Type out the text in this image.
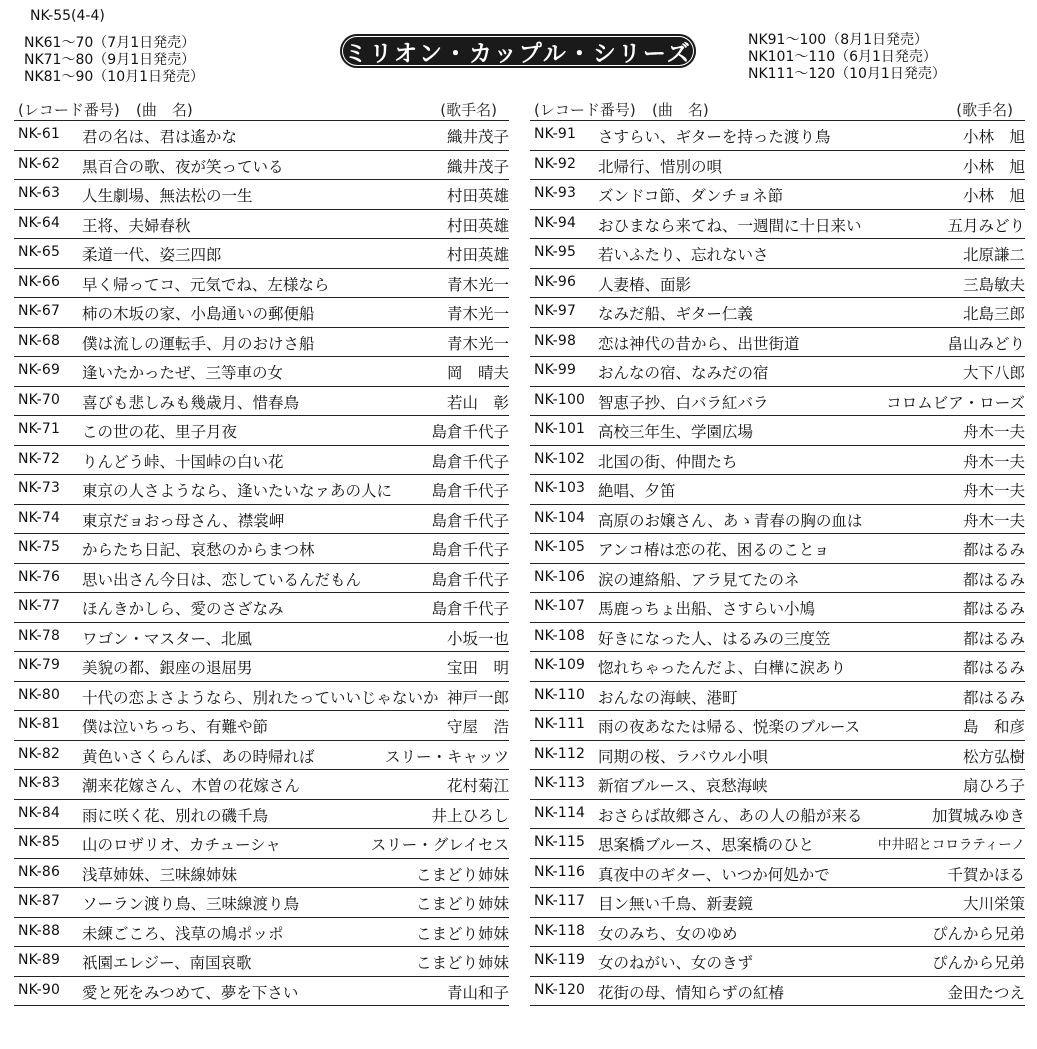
NK-55(4-4)
NK61～70（7月1日発売）
NK71～80（9月1日発売）
NK81～90（10月1日発売）
ミリオン・カップル・シリーズ
NK91～100（8月1日発売）
NK101～110（6月1日発売）
NK111～120（10月1日発売）
(レコード番号) (曲　名)	(歌手名)
NK-61 君の名は、君は遙かな	織井茂子
NK-62 黒百合の歌、夜が笑っている	織井茂子
NK-63 人生劇場、無法松の一生	村田英雄
NK-64 王将、夫婦春秋	村田英雄
NK-65 柔道一代、姿三四郎	村田英雄
NK-66 早く帰ってコ、元気でね、左様なら	青木光一
NK-67 柿の木坂の家、小島通いの郵便船	青木光一
NK-68 僕は流しの運転手、月のおけさ船	青木光一
NK-69 逢いたかったぜ、三等車の女	岡　晴夫
NK-70 喜びも悲しみも幾歳月、惜春鳥	若山　彰
NK-71 この世の花、里子月夜	島倉千代子
NK-72 りんどう峠、十国峠の白い花	島倉千代子
NK-73 東京の人さようなら、逢いたいなァあの人に	島倉千代子
NK-74 東京だョおっ母さん、襟裳岬	島倉千代子
NK-75 からたち日記、哀愁のからまつ林	島倉千代子
NK-76 思い出さん今日は、恋しているんだもん	島倉千代子
NK-77 ほんきかしら、愛のさざなみ	島倉千代子
NK-78 ワゴン・マスター、北風	小坂一也
NK-79 美貌の都、銀座の退屈男	宝田　明
NK-80 十代の恋よさようなら、別れたっていいじゃないか 神戸一郎
NK-81 僕は泣いちっち、有難や節	守屋　浩
NK-82 黄色いさくらんぼ、あの時帰れば	スリー・キャッツ
NK-83 潮来花嫁さん、木曽の花嫁さん	花村菊江
NK-84 雨に咲く花、別れの磯千鳥	井上ひろし
NK-85 山のロザリオ、カチューシャ	スリー・グレイセス
NK-86 浅草姉妹、三味線姉妹	こまどり姉妹
NK-87 ソーラン渡り鳥、三味線渡り鳥	こまどり姉妹
NK-88 未練ごころ、浅草の鳩ポッポ	こまどり姉妹
NK-89 祇園エレジー、南国哀歌	こまどり姉妹
NK-90 愛と死をみつめて、夢を下さい	青山和子
(レコード番号) (曲　名)	(歌手名)
NK-91 さすらい、ギターを持った渡り鳥	小林　旭
NK-92 北帰行、惜別の唄	小林　旭
NK-93 ズンドコ節、ダンチョネ節	小林　旭
NK-94 おひまなら来てね、一週間に十日来い	五月みどり
NK-95 若いふたり、忘れないさ	北原謙二
NK-96 人妻椿、面影	三島敏夫
NK-97 なみだ船、ギター仁義	北島三郎
NK-98 恋は神代の昔から、出世街道	畠山みどり
NK-99 おんなの宿、なみだの宿	大下八郎
NK-100 智恵子抄、白バラ紅バラ	コロムビア・ローズ
NK-101 高校三年生、学園広場	舟木一夫
NK-102 北国の街、仲間たち	舟木一夫
NK-103 絶唱、夕笛	舟木一夫
NK-104 高原のお嬢さん、あゝ青春の胸の血は	舟木一夫
NK-105 アンコ椿は恋の花、困るのことョ	都はるみ
NK-106 涙の連絡船、アラ見てたのネ	都はるみ
NK-107 馬鹿っちょ出船、さすらい小鳩	都はるみ
NK-108 好きになった人、はるみの三度笠	都はるみ
NK-109 惚れちゃったんだよ、白樺に涙あり	都はるみ
NK-110 おんなの海峡、港町	都はるみ
NK-111 雨の夜あなたは帰る、悦楽のブルース	島　和彦
NK-112 同期の桜、ラバウル小唄	松方弘樹
NK-113 新宿ブルース、哀愁海峡	扇ひろ子
NK-114 おさらば故郷さん、あの人の船が来る	加賀城みゆき
NK-115 思案橋ブルース、思案橋のひと	中井昭とコロラティーノ
NK-116 真夜中のギター、いつか何処かで	千賀かほる
NK-117 目ン無い千鳥、新妻鏡	大川栄策
NK-118 女のみち、女のゆめ	ぴんから兄弟
NK-119 女のねがい、女のきず	ぴんから兄弟
NK-120 花街の母、情知らずの紅椿	金田たつえ
